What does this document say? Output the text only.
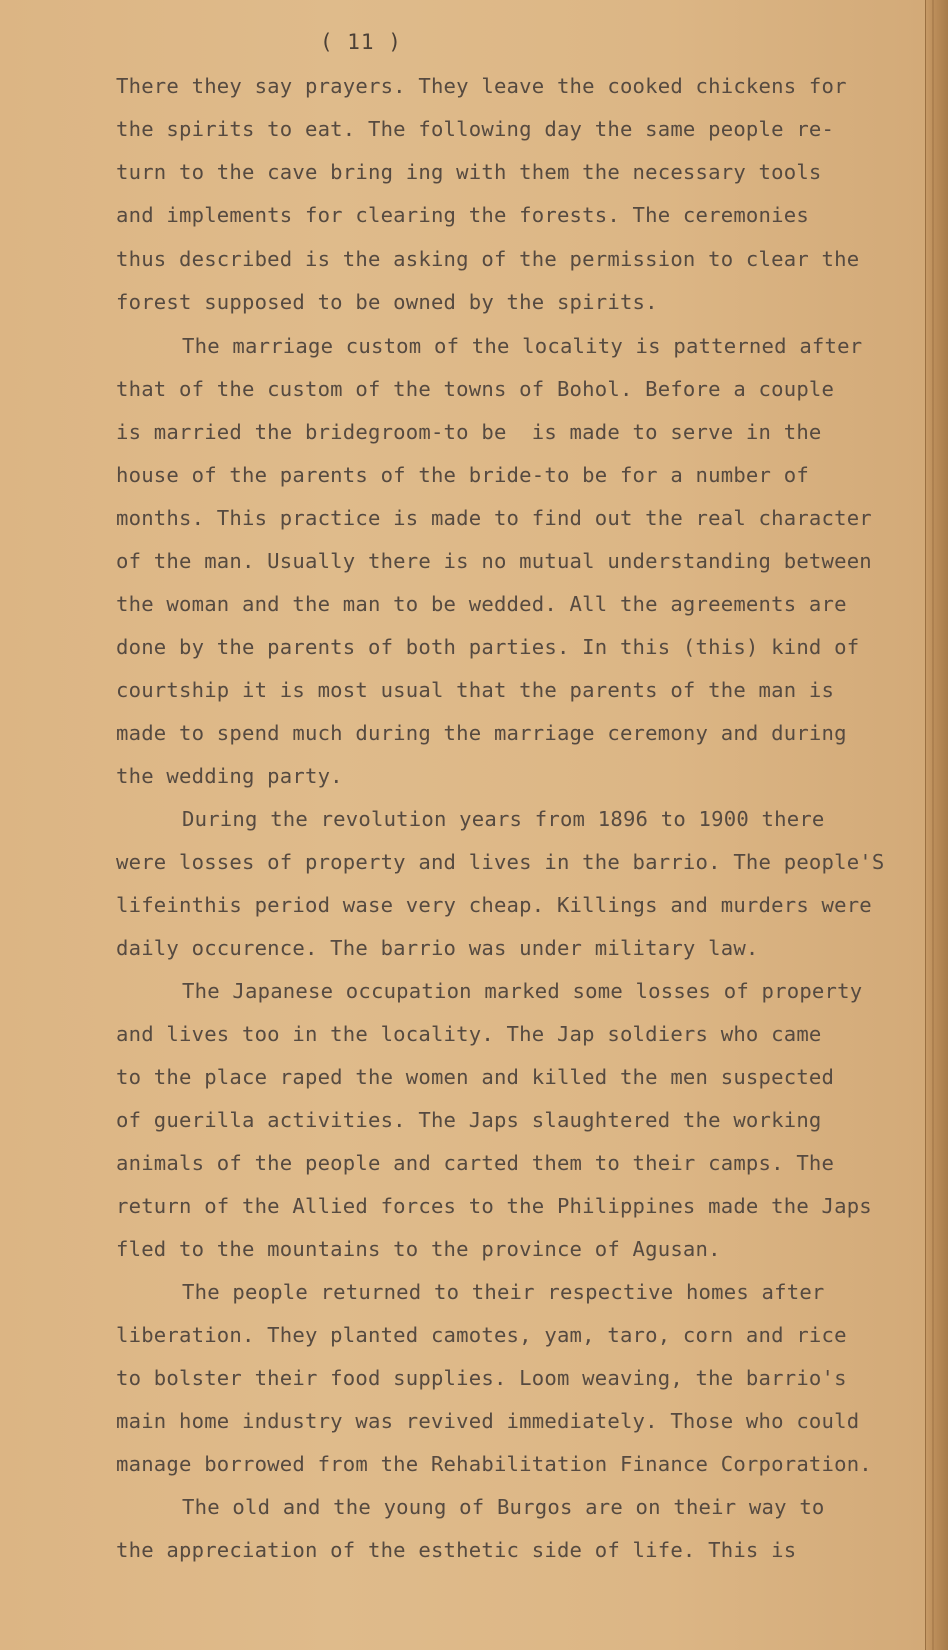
( 11 )
There they say prayers. They leave the cooked chickens for
the spirits to eat. The following day the same people re-
turn to the cave bring ing with them the necessary tools
and implements for clearing the forests. The ceremonies
thus described is the asking of the permission to clear the
forest supposed to be owned by the spirits.
The marriage custom of the locality is patterned after
that of the custom of the towns of Bohol. Before a couple
is married the bridegroom-to be  is made to serve in the
house of the parents of the bride-to be for a number of
months. This practice is made to find out the real character
of the man. Usually there is no mutual understanding between
the woman and the man to be wedded. All the agreements are
done by the parents of both parties. In this (this) kind of
courtship it is most usual that the parents of the man is
made to spend much during the marriage ceremony and during
the wedding party.
During the revolution years from 1896 to 1900 there
were losses of property and lives in the barrio. The people'S
lifeinthis period wase very cheap. Killings and murders were
daily occurence. The barrio was under military law.
The Japanese occupation marked some losses of property
and lives too in the locality. The Jap soldiers who came
to the place raped the women and killed the men suspected
of guerilla activities. The Japs slaughtered the working
animals of the people and carted them to their camps. The
return of the Allied forces to the Philippines made the Japs
fled to the mountains to the province of Agusan.
The people returned to their respective homes after
liberation. They planted camotes, yam, taro, corn and rice
to bolster their food supplies. Loom weaving, the barrio's
main home industry was revived immediately. Those who could
manage borrowed from the Rehabilitation Finance Corporation.
The old and the young of Burgos are on their way to
the appreciation of the esthetic side of life. This is
